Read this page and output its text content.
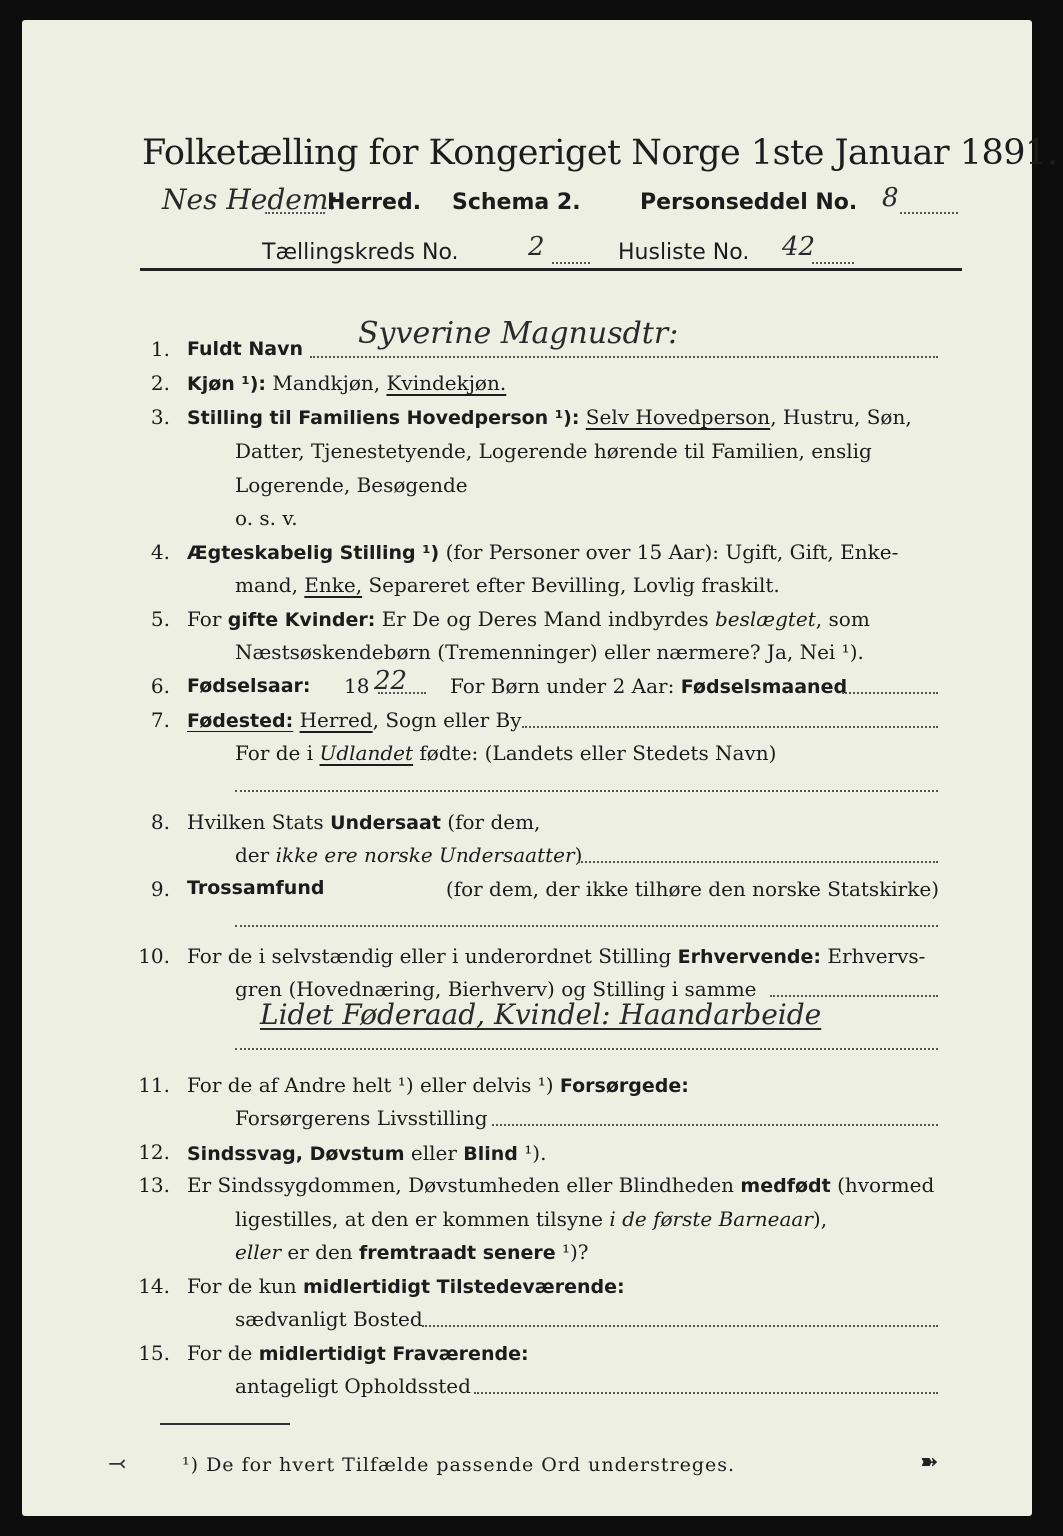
Folketælling for Kongeriget Norge 1ste Januar 1891.
Nes Hedem:
Herred. Schema 2.	Personseddel No. 8
Tællingskreds No.	2	Husliste No. 42
1. Fuldt Navn Syverine Magnusdtr:
2. Kjøn ¹): Mandkjøn, Kvindekjøn.
3. Stilling til Familiens Hovedperson ¹): Selv Hovedperson, Hustru, Søn,
Datter, Tjenestetyende, Logerende hørende til Familien, enslig
Logerende, Besøgende
o. s. v.
4. Ægteskabelig Stilling ¹) (for Personer over 15 Aar): Ugift, Gift, Enke-
mand, Enke, Separeret efter Bevilling, Lovlig fraskilt.
5. For gifte Kvinder: Er De og Deres Mand indbyrdes beslægtet, som
Næstsøskendebørn (Tremenninger) eller nærmere? Ja, Nei ¹).
6. Fødselsaar: 18 22 For Børn under 2 Aar: Fødselsmaaned
7. Fødested: Herred, Sogn eller By
For de i Udlandet fødte: (Landets eller Stedets Navn)
8. Hvilken Stats Undersaat (for dem,
der ikke ere norske Undersaatter)
9. Trossamfund	(for dem, der ikke tilhøre den norske Statskirke)
10. For de i selvstændig eller i underordnet Stilling Erhvervende: Erhvervs-
gren (Hovednæring, Bierhverv) og Stilling i samme
Lidet Føderaad, Kvindel: Haandarbeide
11. For de af Andre helt ¹) eller delvis ¹) Forsørgede:
Forsørgerens Livsstilling
12. Sindssvag, Døvstum eller Blind ¹).
13. Er Sindssygdommen, Døvstumheden eller Blindheden medfødt (hvormed
ligestilles, at den er kommen tilsyne i de første Barneaar),
eller er den fremtraadt senere ¹)?
14. For de kun midlertidigt Tilstedeværende:
sædvanligt Bosted
15. For de midlertidigt Fraværende:
antageligt Opholdssted
¹) De for hvert Tilfælde passende Ord understreges.
⤙	➽
